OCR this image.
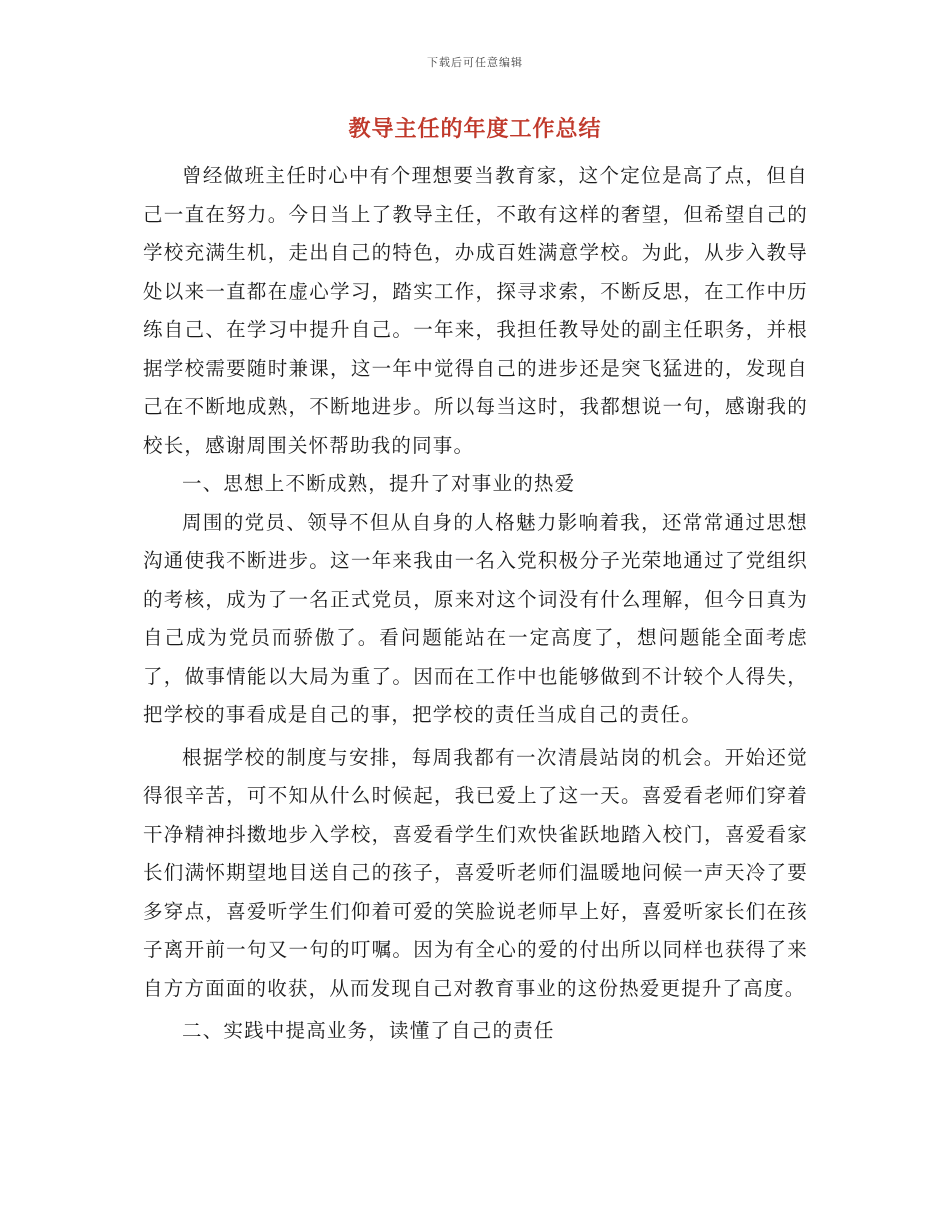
下载后可任意编辑
教导主任的年度工作总结

曾经做班主任时心中有个理想要当教育家，这个定位是高了点，但自己一直在努力。今日当上了教导主任，不敢有这样的奢望，但希望自己的学校充满生机，走出自己的特色，办成百姓满意学校。为此，从步入教导处以来一直都在虚心学习，踏实工作，探寻求索，不断反思，在工作中历练自己、在学习中提升自己。一年来，我担任教导处的副主任职务，并根据学校需要随时兼课，这一年中觉得自己的进步还是突飞猛进的，发现自己在不断地成熟，不断地进步。所以每当这时，我都想说一句，感谢我的校长，感谢周围关怀帮助我的同事。

一、思想上不断成熟，提升了对事业的热爱

周围的党员、领导不但从自身的人格魅力影响着我，还常常通过思想沟通使我不断进步。这一年来我由一名入党积极分子光荣地通过了党组织的考核，成为了一名正式党员，原来对这个词没有什么理解，但今日真为自己成为党员而骄傲了。看问题能站在一定高度了，想问题能全面考虑了，做事情能以大局为重了。因而在工作中也能够做到不计较个人得失，把学校的事看成是自己的事，把学校的责任当成自己的责任。

根据学校的制度与安排，每周我都有一次清晨站岗的机会。开始还觉得很辛苦，可不知从什么时候起，我已爱上了这一天。喜爱看老师们穿着干净精神抖擞地步入学校，喜爱看学生们欢快雀跃地踏入校门，喜爱看家长们满怀期望地目送自己的孩子，喜爱听老师们温暖地问候一声天冷了要多穿点，喜爱听学生们仰着可爱的笑脸说老师早上好，喜爱听家长们在孩子离开前一句又一句的叮嘱。因为有全心的爱的付出所以同样也获得了来自方方面面的收获，从而发现自己对教育事业的这份热爱更提升了高度。

二、实践中提高业务，读懂了自己的责任
